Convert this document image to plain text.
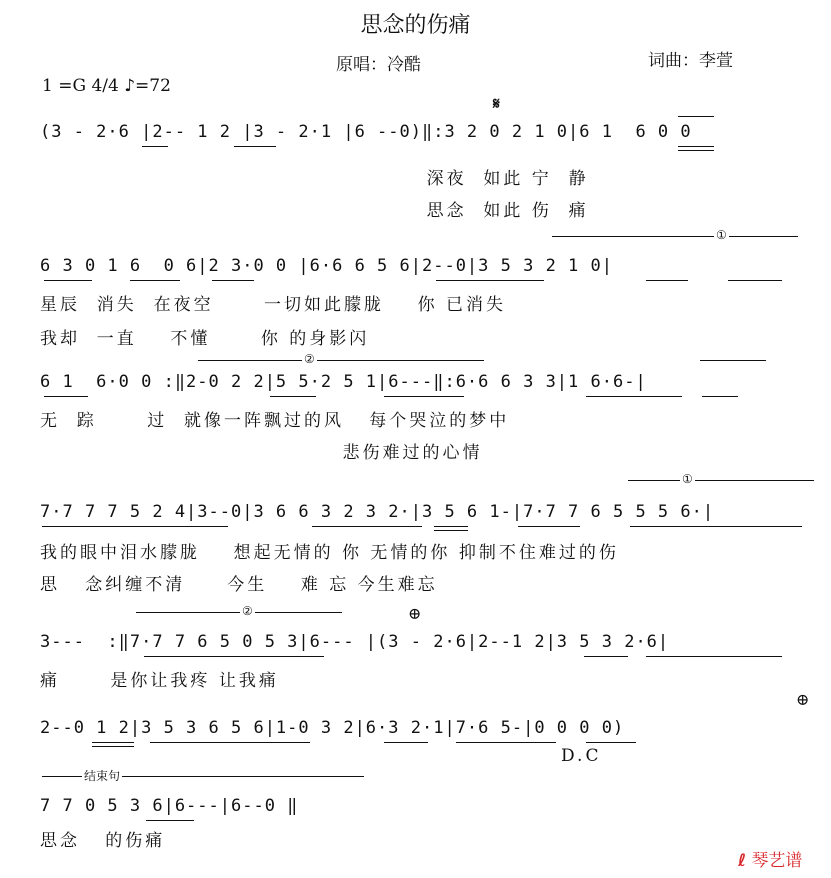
思念的伤痛
原唱：冷酷	词曲：李萱
1 =G 4/4 ♪=72
𝄋
(3 - 2·6 |2-- 1 2 |3 - 2·1 |6 --0)‖:3 2 0 2 1 0|6 1  6 0 0
深夜  如此 宁  静
思念  如此 伤  痛
①
6 3 0 1 6  0 6|2 3·0 0 |6·6 6 5 6|2--0|3 5 3 2 1 0|
星辰  消失  在夜空      一切如此朦胧    你 已消失
我却  一直    不懂      你 的身影闪
②
6 1  6·0 0 :‖2-0 2 2|5 5·2 5 1|6---‖:6·6 6 3 3|1 6·6-|
无  踪      过  就像一阵飘过的风   每个哭泣的梦中
悲伤难过的心情
①
7·7 7 7 5 2 4|3--0|3 6 6 3 2 3 2·|3 5 6 1-|7·7 7 6 5 5 5 6·|
我的眼中泪水朦胧    想起无情的 你 无情的你 抑制不住难过的伤
思   念纠缠不清     今生    难 忘 今生难忘
②	⊕
3---  :‖7·7 7 6 5 0 5 3|6--- |(3 - 2·6|2--1 2|3 5 3 2·6|
痛      是你让我疼 让我痛
⊕
2--0 1 2|3 5 3 6 5 6|1-0 3 2|6·3 2·1|7·6 5-|0 0 0 0)
D.C
结束句
7 7 0 5 3 6|6---|6--0 ‖
思念   的伤痛
ℓ 琴艺谱
